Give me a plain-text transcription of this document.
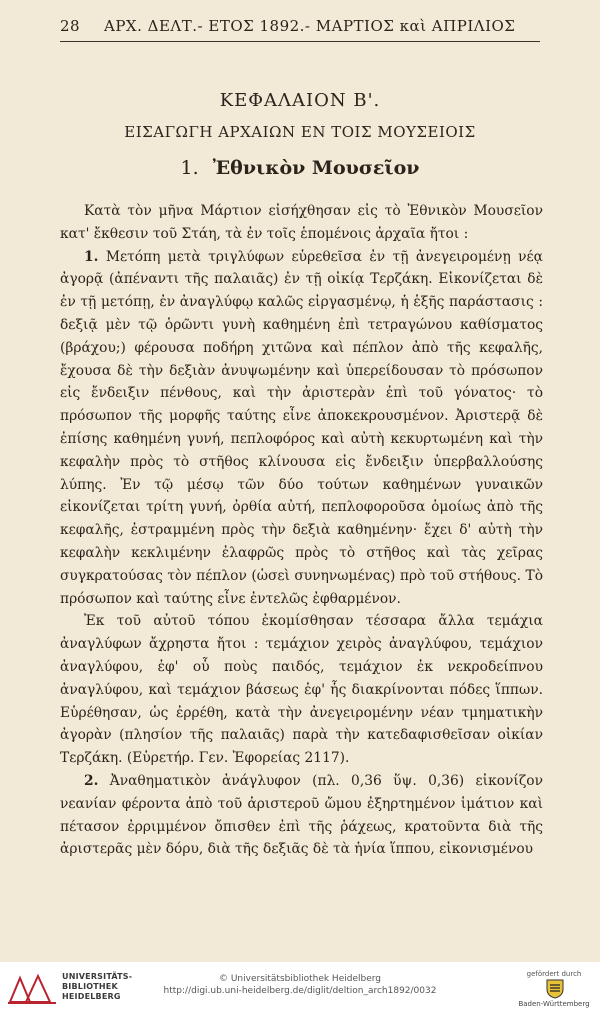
28 ΑΡΧ. ΔΕΛΤ.- ΕΤΟΣ 1892.- ΜΑΡΤΙΟΣ καὶ ΑΠΡΙΛΙΟΣ
ΚΕΦΑΛΑΙΟΝ Β'.
ΕΙΣΑΓΩΓΗ ΑΡΧΑΙΩΝ ΕΝ ΤΟΙΣ ΜΟΥΣΕΙΟΙΣ
1. Ἐθνικὸν Μουσεῖον

Κατὰ τὸν μῆνα Μάρτιον εἰσήχθησαν εἰς τὸ Ἐθνικὸν Μουσεῖον κατ' ἔκθεσιν τοῦ Στάη, τὰ ἐν τοῖς ἑπομένοις ἀρχαῖα ἤτοι :

1. Μετόπη μετὰ τριγλύφων εὑρεθεῖσα ἐν τῇ ἀνεγειρομένῃ νέᾳ ἀγορᾷ (ἀπέναντι τῆς παλαιᾶς) ἐν τῇ οἰκίᾳ Τερζάκη. Εἰκονίζεται δὲ ἐν τῇ μετόπῃ, ἐν ἀναγλύφῳ καλῶς εἰργασμένῳ, ἡ ἑξῆς παράστασις : δεξιᾷ μὲν τῷ ὁρῶντι γυνὴ καθημένη ἐπὶ τετραγώνου καθίσματος (βράχου;) φέρουσα ποδήρη χιτῶνα καὶ πέπλον ἀπὸ τῆς κεφαλῆς, ἔχουσα δὲ τὴν δεξιὰν ἀνυψωμένην καὶ ὑπερείδουσαν τὸ πρόσωπον εἰς ἔνδειξιν πένθους, καὶ τὴν ἀριστερὰν ἐπὶ τοῦ γόνατος· τὸ πρόσωπον τῆς μορφῆς ταύτης εἶνε ἀποκεκρουσμένον. Ἀριστερᾷ δὲ ἐπίσης καθημένη γυνή, πεπλοφόρος καὶ αὐτὴ κεκυρτωμένη καὶ τὴν κεφαλὴν πρὸς τὸ στῆθος κλίνουσα εἰς ἔνδειξιν ὑπερβαλλούσης λύπης. Ἐν τῷ μέσῳ τῶν δύο τούτων καθημένων γυναικῶν εἰκονίζεται τρίτη γυνή, ὀρθία αὐτή, πεπλοφοροῦσα ὁμοίως ἀπὸ τῆς κεφαλῆς, ἐστραμμένη πρὸς τὴν δεξιὰ καθημένην· ἔχει δ' αὐτὴ τὴν κεφαλὴν κεκλιμένην ἐλαφρῶς πρὸς τὸ στῆθος καὶ τὰς χεῖρας συγκρατούσας τὸν πέπλον (ὡσεὶ συνηνωμένας) πρὸ τοῦ στήθους. Τὸ πρόσωπον καὶ ταύτης εἶνε ἐντελῶς ἐφθαρμένον.

Ἐκ τοῦ αὐτοῦ τόπου ἐκομίσθησαν τέσσαρα ἄλλα τεμάχια ἀναγλύφων ἄχρηστα ἤτοι : τεμάχιον χειρὸς ἀναγλύφου, τεμάχιον ἀναγλύφου, ἐφ' οὗ ποὺς παιδός, τεμάχιον ἐκ νεκροδείπνου ἀναγλύφου, καὶ τεμάχιον βάσεως ἐφ' ἧς διακρίνονται πόδες ἵππων. Εὑρέθησαν, ὡς ἐρρέθη, κατὰ τὴν ἀνεγειρομένην νέαν τμηματικὴν ἀγορὰν (πλησίον τῆς παλαιᾶς) παρὰ τὴν κατεδαφισθεῖσαν οἰκίαν Τερζάκη. (Εὑρετήρ. Γεν. Ἐφορείας 2117).

2. Ἀναθηματικὸν ἀνάγλυφον (πλ. 0,36 ὕψ. 0,36) εἰκονίζον νεανίαν φέροντα ἀπὸ τοῦ ἀριστεροῦ ὤμου ἐξηρτημένον ἱμάτιον καὶ πέτασον ἐρριμμένον ὄπισθεν ἐπὶ τῆς ῥάχεως, κρατοῦντα διὰ τῆς ἀριστερᾶς μὲν δόρυ, διὰ τῆς δεξιᾶς δὲ τὰ ἡνία ἵππου, εἰκονισμένου

UNIVERSITÄTS-
BIBLIOTHEK
HEIDELBERG
© Universitätsbibliothek Heidelberg
http://digi.ub.uni-heidelberg.de/diglit/deltion_arch1892/0032
gefördert durch
Baden-Württemberg
